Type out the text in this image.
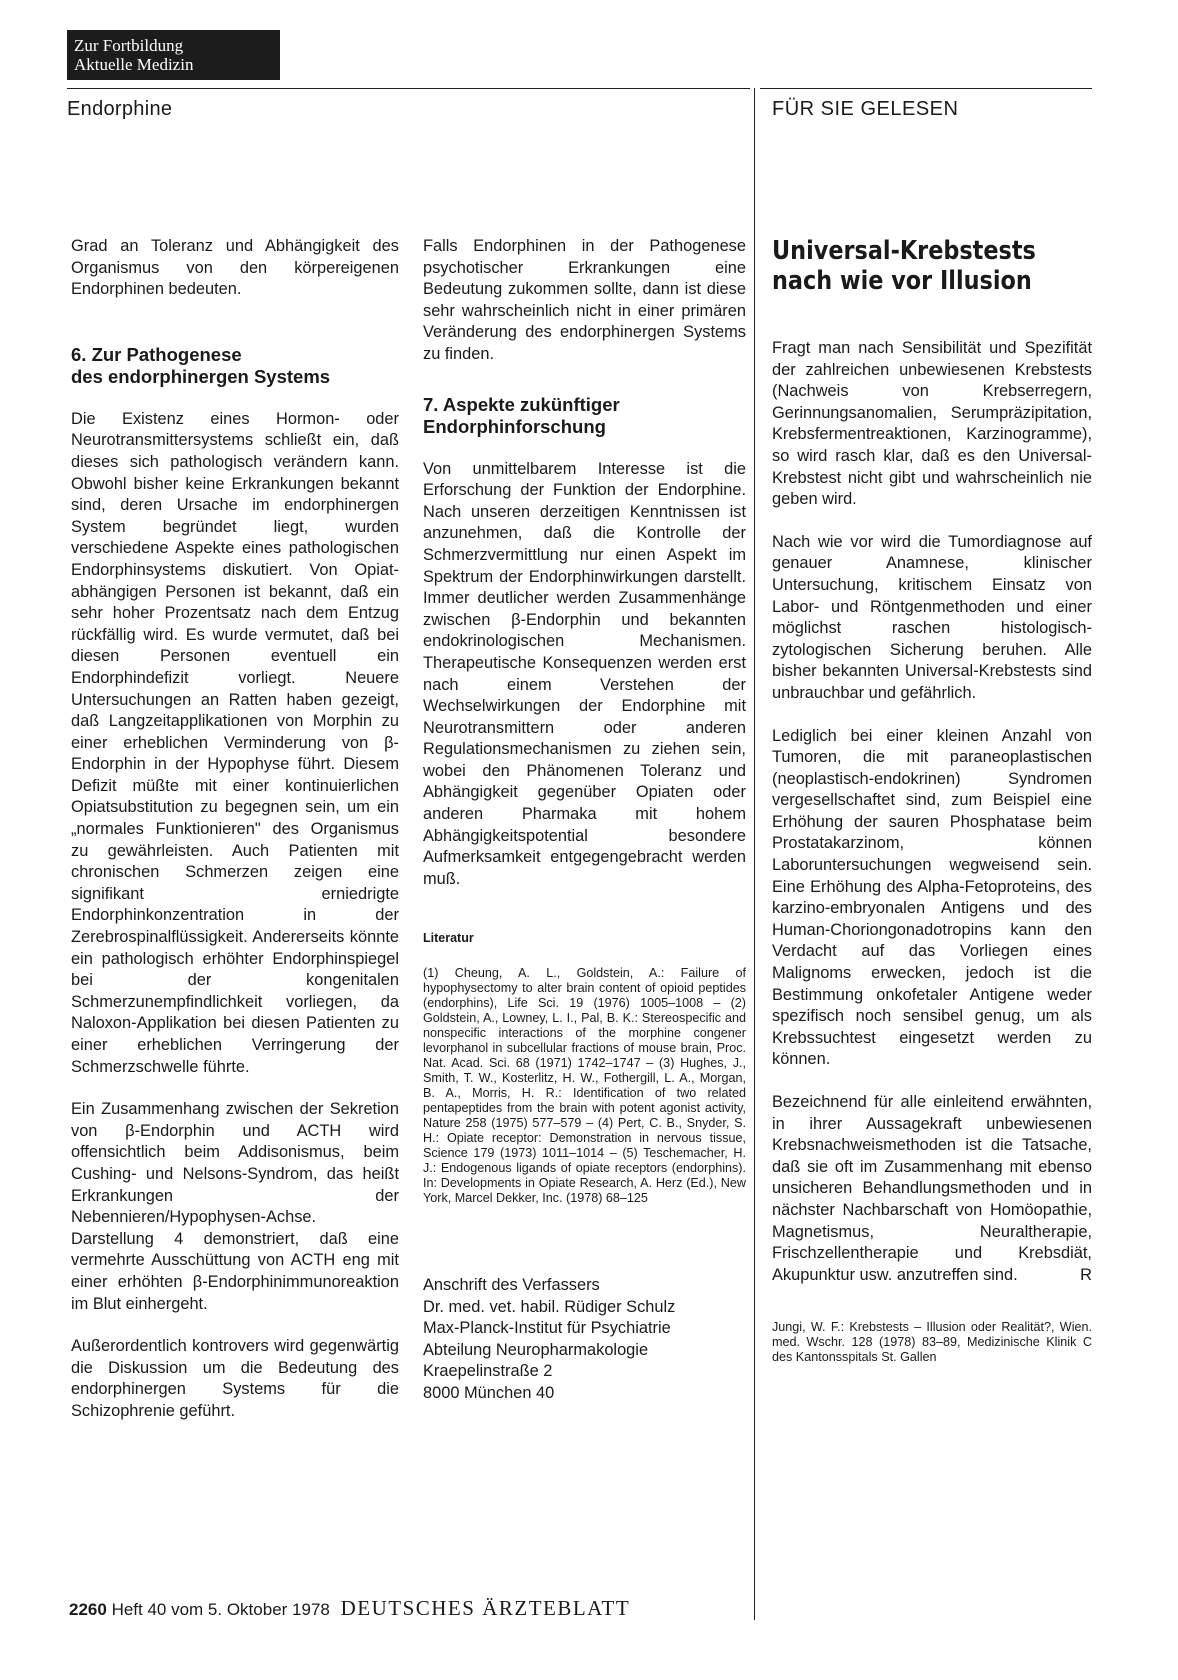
Zur Fortbildung
Aktuelle Medizin
Endorphine	FÜR SIE GELESEN

Grad an Toleranz und Abhängigkeit des Organismus von den körpereigenen Endorphinen bedeuten.

6. Zur Pathogenese
des endorphinergen Systems

Die Existenz eines Hormon- oder Neurotransmittersystems schließt ein, daß dieses sich pathologisch verändern kann. Obwohl bisher keine Erkrankungen bekannt sind, deren Ursache im endorphinergen System begründet liegt, wurden verschiedene Aspekte eines pathologischen Endorphinsystems diskutiert. Von Opiat-abhängigen Personen ist bekannt, daß ein sehr hoher Prozentsatz nach dem Entzug rückfällig wird. Es wurde vermutet, daß bei diesen Personen eventuell ein Endorphindefizit vorliegt. Neuere Untersuchungen an Ratten haben gezeigt, daß Langzeitapplikationen von Morphin zu einer erheblichen Verminderung von β-Endorphin in der Hypophyse führt. Diesem Defizit müßte mit einer kontinuierlichen Opiatsubstitution zu begegnen sein, um ein „normales Funktionieren" des Organismus zu gewährleisten. Auch Patienten mit chronischen Schmerzen zeigen eine signifikant erniedrigte Endorphinkonzentration in der Zerebrospinalflüssigkeit. Andererseits könnte ein pathologisch erhöhter Endorphinspiegel bei der kongenitalen Schmerzunempfindlichkeit vorliegen, da Naloxon-Applikation bei diesen Patienten zu einer erheblichen Verringerung der Schmerzschwelle führte.

Ein Zusammenhang zwischen der Sekretion von β-Endorphin und ACTH wird offensichtlich beim Addisonismus, beim Cushing- und Nelsons-Syndrom, das heißt Erkrankungen der Nebennieren/Hypophysen-Achse. Darstellung 4 demonstriert, daß eine vermehrte Ausschüttung von ACTH eng mit einer erhöhten β-Endorphinimmunoreaktion im Blut einhergeht.

Außerordentlich kontrovers wird gegenwärtig die Diskussion um die Bedeutung des endorphinergen Systems für die Schizophrenie geführt.

Falls Endorphinen in der Pathogenese psychotischer Erkrankungen eine Bedeutung zukommen sollte, dann ist diese sehr wahrscheinlich nicht in einer primären Veränderung des endorphinergen Systems zu finden.

7. Aspekte zukünftiger
Endorphinforschung

Von unmittelbarem Interesse ist die Erforschung der Funktion der Endorphine. Nach unseren derzeitigen Kenntnissen ist anzunehmen, daß die Kontrolle der Schmerzvermittlung nur einen Aspekt im Spektrum der Endorphinwirkungen darstellt. Immer deutlicher werden Zusammenhänge zwischen β-Endorphin und bekannten endokrinologischen Mechanismen. Therapeutische Konsequenzen werden erst nach einem Verstehen der Wechselwirkungen der Endorphine mit Neurotransmittern oder anderen Regulationsmechanismen zu ziehen sein, wobei den Phänomenen Toleranz und Abhängigkeit gegenüber Opiaten oder anderen Pharmaka mit hohem Abhängigkeitspotential besondere Aufmerksamkeit entgegengebracht werden muß.

Literatur

(1) Cheung, A. L., Goldstein, A.: Failure of hypophysectomy to alter brain content of opioid peptides (endorphins), Life Sci. 19 (1976) 1005–1008 – (2) Goldstein, A., Lowney, L. I., Pal, B. K.: Stereospecific and nonspecific interactions of the morphine congener levorphanol in subcellular fractions of mouse brain, Proc. Nat. Acad. Sci. 68 (1971) 1742–1747 – (3) Hughes, J., Smith, T. W., Kosterlitz, H. W., Fothergill, L. A., Morgan, B. A., Morris, H. R.: Identification of two related pentapeptides from the brain with potent agonist activity, Nature 258 (1975) 577–579 – (4) Pert, C. B., Snyder, S. H.: Opiate receptor: Demonstration in nervous tissue, Science 179 (1973) 1011–1014 – (5) Teschemacher, H. J.: Endogenous ligands of opiate receptors (endorphins). In: Developments in Opiate Research, A. Herz (Ed.), New York, Marcel Dekker, Inc. (1978) 68–125

Anschrift des Verfassers
Dr. med. vet. habil. Rüdiger Schulz
Max-Planck-Institut für Psychiatrie
Abteilung Neuropharmakologie
Kraepelinstraße 2
8000 München 40
Universal-Krebstests
nach wie vor Illusion

Fragt man nach Sensibilität und Spezifität der zahlreichen unbewiesenen Krebstests (Nachweis von Krebserregern, Gerinnungsanomalien, Serumpräzipitation, Krebsfermentreaktionen, Karzinogramme), so wird rasch klar, daß es den Universal-Krebstest nicht gibt und wahrscheinlich nie geben wird.

Nach wie vor wird die Tumordiagnose auf genauer Anamnese, klinischer Untersuchung, kritischem Einsatz von Labor- und Röntgenmethoden und einer möglichst raschen histologisch-zytologischen Sicherung beruhen. Alle bisher bekannten Universal-Krebstests sind unbrauchbar und gefährlich.

Lediglich bei einer kleinen Anzahl von Tumoren, die mit paraneoplastischen (neoplastisch-endokrinen) Syndromen vergesellschaftet sind, zum Beispiel eine Erhöhung der sauren Phosphatase beim Prostatakarzinom, können Laboruntersuchungen wegweisend sein. Eine Erhöhung des Alpha-Fetoproteins, des karzino-embryonalen Antigens und des Human-Choriongonadotropins kann den Verdacht auf das Vorliegen eines Malignoms erwecken, jedoch ist die Bestimmung onkofetaler Antigene weder spezifisch noch sensibel genug, um als Krebssuchtest eingesetzt werden zu können.

Bezeichnend für alle einleitend erwähnten, in ihrer Aussagekraft unbewiesenen Krebsnachweismethoden ist die Tatsache, daß sie oft im Zusammenhang mit ebenso unsicheren Behandlungsmethoden und in nächster Nachbarschaft von Homöopathie, Magnetismus, Neuraltherapie, Frischzellentherapie und Krebsdiät, Akupunktur usw. anzutreffen sind.	R

Jungi, W. F.: Krebstests – Illusion oder Realität?, Wien. med. Wschr. 128 (1978) 83–89, Medizinische Klinik C des Kantonsspitals St. Gallen
2260 Heft 40 vom 5. Oktober 1978 DEUTSCHES ÄRZTEBLATT
